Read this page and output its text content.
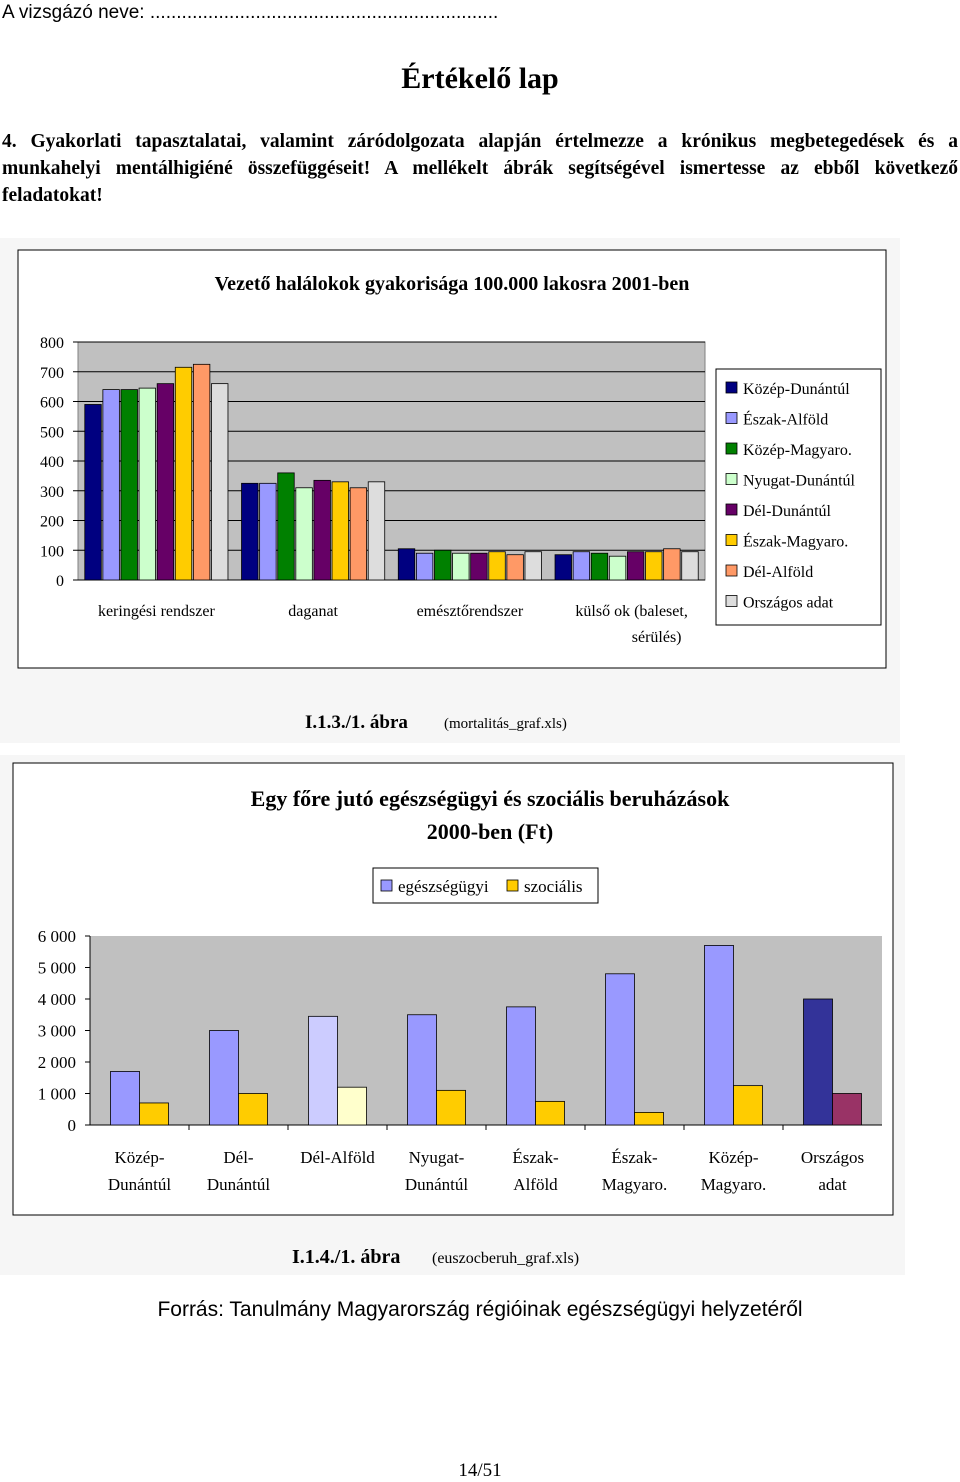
A vizsgázó neve: ..................................................................
Értékelő lap
4. Gyakorlati tapasztalatai, valamint záródolgozata alapján értelmezze a krónikus megbetegedések és a munkahelyi mentálhigiéné összefüggéseit! A mellékelt ábrák segítségével ismertesse az ebből következő feladatokat!
Vezető halálokok gyakorisága 100.000 lakosra 2001-ben
0
100
200
300
400
500
600
700
800
keringési rendszer	daganat	emésztőrendszer	külső ok (baleset,
sérülés)
Közép-Dunántúl
Észak-Alföld
Közép-Magyaro.
Nyugat-Dunántúl
Dél-Dunántúl
Észak-Magyaro.
Dél-Alföld
Országos adat
I.1.3./1. ábra (mortalitás_graf.xls)
Egy főre jutó egészségügyi és szociális beruházások
2000-ben (Ft)
egészségügyi szociális
0
1 000
2 000
3 000
4 000
5 000
6 000
Közép-
Dunántúl
Dél-
Dunántúl
Dél-Alföld Nyugat-
Dunántúl
Észak-
Alföld
Észak-
Magyaro.
Közép-
Magyaro.
Országos
adat
I.1.4./1. ábra (euszocberuh_graf.xls)
Forrás: Tanulmány Magyarország régióinak egészségügyi helyzetéről
14/51
